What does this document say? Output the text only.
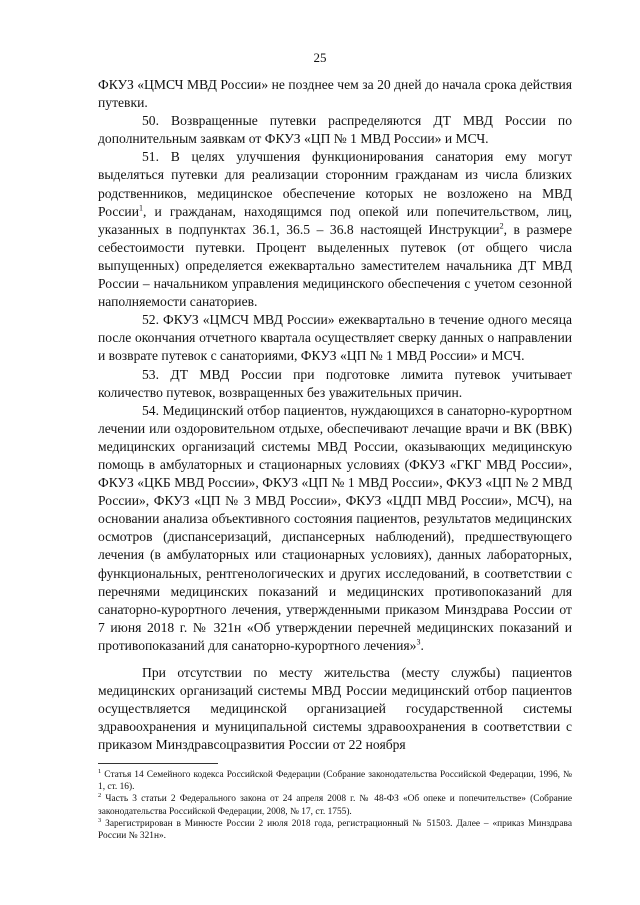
25

ФКУЗ «ЦМСЧ МВД России» не позднее чем за 20 дней до начала срока действия путевки.

50. Возвращенные путевки распределяются ДТ МВД России по дополнительным заявкам от ФКУЗ «ЦП № 1 МВД России» и МСЧ.

51. В целях улучшения функционирования санатория ему могут выделяться путевки для реализации сторонним гражданам из числа близких родственников, медицинское обеспечение которых не возложено на МВД России$^1$, и гражданам, находящимся под опекой или попечительством, лиц, указанных в подпунктах 36.1, 36.5 – 36.8 настоящей Инструкции$^2$, в размере себестоимости путевки. Процент выделенных путевок (от общего числа выпущенных) определяется ежеквартально заместителем начальника ДТ МВД России – начальником управления медицинского обеспечения с учетом сезонной наполняемости санаториев.

52. ФКУЗ «ЦМСЧ МВД России» ежеквартально в течение одного месяца после окончания отчетного квартала осуществляет сверку данных о направлении и возврате путевок с санаториями, ФКУЗ «ЦП № 1 МВД России» и МСЧ.

53. ДТ МВД России при подготовке лимита путевок учитывает количество путевок, возвращенных без уважительных причин.

54. Медицинский отбор пациентов, нуждающихся в санаторно-курортном лечении или оздоровительном отдыхе, обеспечивают лечащие врачи и ВК (ВВК) медицинских организаций системы МВД России, оказывающих медицинскую помощь в амбулаторных и стационарных условиях (ФКУЗ «ГКГ МВД России», ФКУЗ «ЦКБ МВД России», ФКУЗ «ЦП № 1 МВД России», ФКУЗ «ЦП № 2 МВД России», ФКУЗ «ЦП № 3 МВД России», ФКУЗ «ЦДП МВД России», МСЧ), на основании анализа объективного состояния пациентов, результатов медицинских осмотров (диспансеризаций, диспансерных наблюдений), предшествующего лечения (в амбулаторных или стационарных условиях), данных лабораторных, функциональных, рентгенологических и других исследований, в соответствии с перечнями медицинских показаний и медицинских противопоказаний для санаторно-курортного лечения, утвержденными приказом Минздрава России от 7 июня 2018 г. № 321н «Об утверждении перечней медицинских показаний и противопоказаний для санаторно-курортного лечения»$^3$.

При отсутствии по месту жительства (месту службы) пациентов медицинских организаций системы МВД России медицинский отбор пациентов осуществляется медицинской организацией государственной системы здравоохранения и муниципальной системы здравоохранения в соответствии с приказом Минздравсоцразвития России от 22 ноября

$^1$ Статья 14 Семейного кодекса Российской Федерации (Собрание законодательства Российской Федерации, 1996, № 1, ст. 16).

$^2$ Часть 3 статьи 2 Федерального закона от 24 апреля 2008 г. № 48-ФЗ «Об опеке и попечительстве» (Собрание законодательства Российской Федерации, 2008, № 17, ст. 1755).

$^3$ Зарегистрирован в Минюсте России 2 июля 2018 года, регистрационный № 51503. Далее – «приказ Минздрава России № 321н».
